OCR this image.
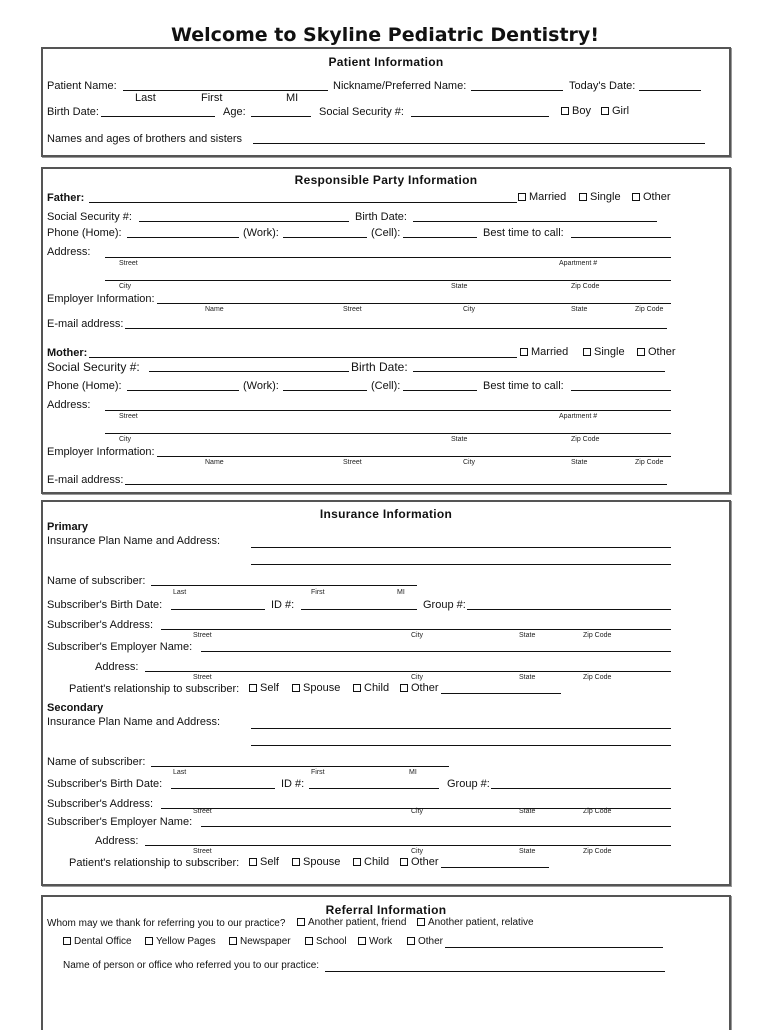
Welcome to Skyline Pediatric Dentistry!
Patient Information
Patient Name:	Nickname/Preferred Name:	Today's Date:
Last	First	MI
Birth Date:	Age:	Social Security #:	Boy	Girl
Names and ages of brothers and sisters
Responsible Party Information
Father:	Married	Single	Other
Social Security #:	Birth Date:
Phone (Home):	(Work):	(Cell):	Best time to call:
Address:
Street	Apartment #
City	State	Zip Code
Employer Information:
Name	Street	City	State	Zip Code
E-mail address:
Mother:	Married	Single	Other
Social Security #:	Birth Date:
Phone (Home):	(Work):	(Cell):	Best time to call:
Address:
Street	Apartment #
City	State	Zip Code
Employer Information:
Name	Street	City	State	Zip Code
E-mail address:
Insurance Information
Primary
Insurance Plan Name and Address:
Name of subscriber:
Last	First	MI
Subscriber's Birth Date:	ID #:	Group #:
Subscriber's Address:
Street	City	State	Zip Code
Subscriber's Employer Name:
Address:
Street	City	State	Zip Code
Patient's relationship to subscriber:	Self	Spouse	Child	Other
Secondary
Insurance Plan Name and Address:
Name of subscriber:
Last	First	MI
Subscriber's Birth Date:	ID #:	Group #:
Subscriber's Address:
Street	City	State	Zip Code
Subscriber's Employer Name:
Address:
Street	City	State	Zip Code
Patient's relationship to subscriber:	Self	Spouse	Child	Other
Referral Information
Whom may we thank for referring you to our practice?	Another patient, friend	Another patient, relative
Dental Office	Yellow Pages	Newspaper	School	Work	Other
Name of person or office who referred you to our practice:
